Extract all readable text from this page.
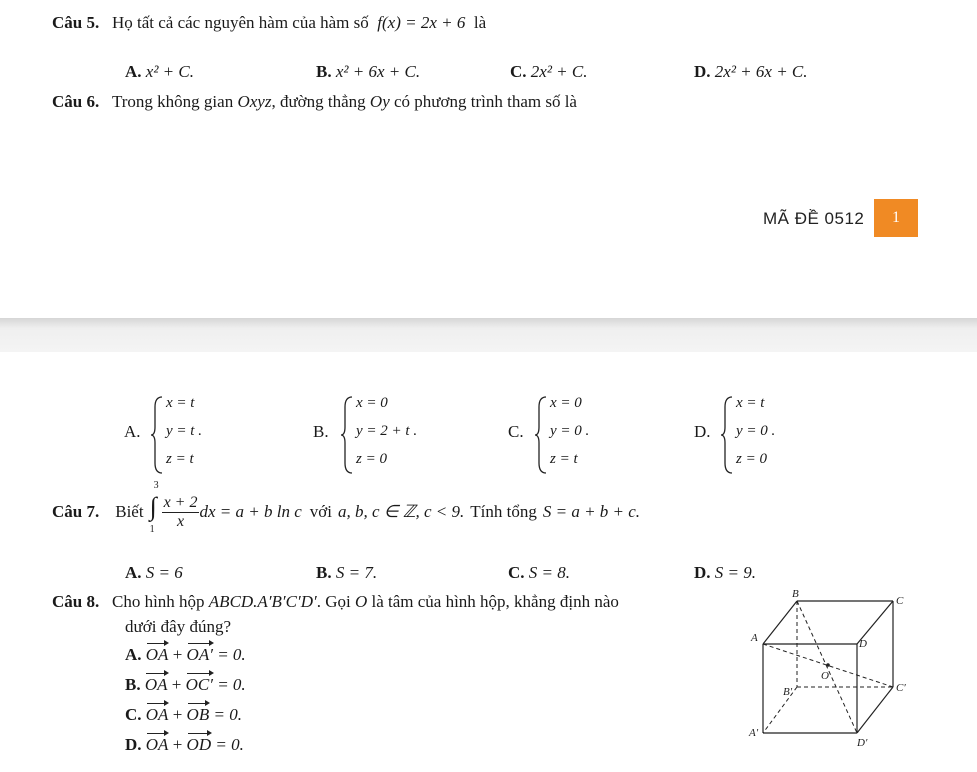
Câu 5. Họ tất cả các nguyên hàm của hàm số f(x) = 2x + 6 là
A. x² + C.	B. x² + 6x + C.	C. 2x² + C.	D. 2x² + 6x + C.
Câu 6. Trong không gian Oxyz, đường thẳng Oy có phương trình tham số là
MÃ ĐỀ 0512	1
A.
x = t
y = t .
z = t
B.
x = 0
y = 2 + t .
z = 0
C.
x = 0
y = 0 .
z = t
D.
x = t
y = 0 .
z = 0
Câu 7. Biết ∫
3
$1 \frac{x + 2}{x}$ dx = a + b ln c với a, b, c ∈ ℤ, c < 9. Tính tổng S = a + b + c.
A. S = 6	B. S = 7.	C. S = 8.	D. S = 9.
Câu 8. Cho hình hộp ABCD.A′B′C′D′. Gọi O là tâm của hình hộp, khẳng định nào
dưới đây đúng?
A. OA + OA′ = 0.
B. OA + OC′ = 0.
C. OA + OB = 0.
D. OA + OD = 0.
B
C
A	D
O
B′	C′
A′
D′
